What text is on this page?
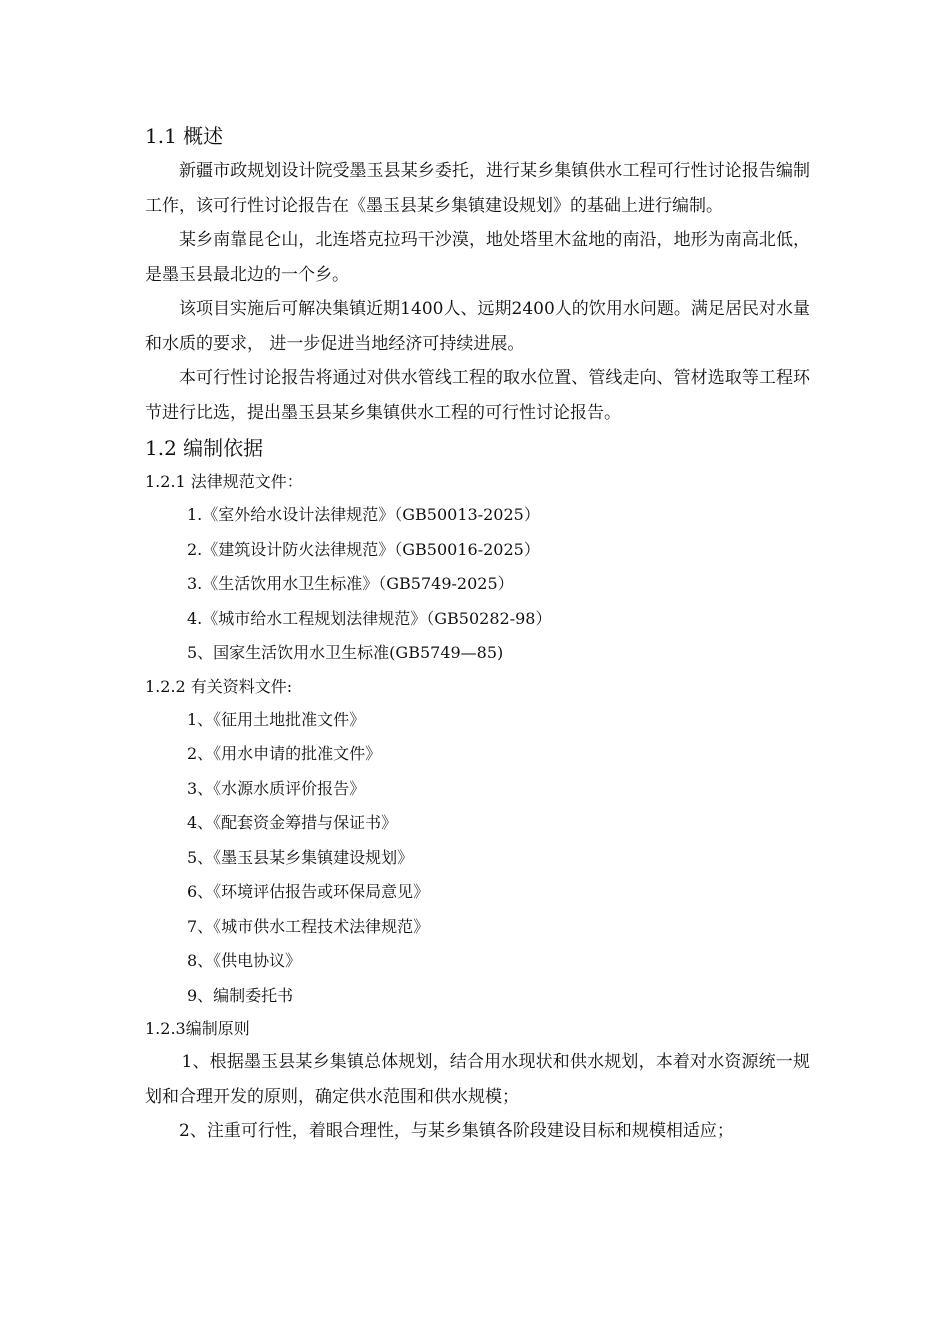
1.1 概述

新疆市政规划设计院受墨玉县某乡委托，进行某乡集镇供水工程可行性讨论报告编制工作，该可行性讨论报告在《墨玉县某乡集镇建设规划》的基础上进行编制。

某乡南靠昆仑山，北连塔克拉玛干沙漠，地处塔里木盆地的南沿，地形为南高北低，是墨玉县最北边的一个乡。

该项目实施后可解决集镇近期1400人、远期2400人的饮用水问题。满足居民对水量和水质的要求， 进一步促进当地经济可持续进展。

本可行性讨论报告将通过对供水管线工程的取水位置、管线走向、管材选取等工程环节进行比选，提出墨玉县某乡集镇供水工程的可行性讨论报告。

1.2 编制依据
1.2.1 法律规范文件：
1.《室外给水设计法律规范》（GB50013-2025）
2.《建筑设计防火法律规范》（GB50016-2025）
3.《生活饮用水卫生标准》（GB5749-2025）
4.《城市给水工程规划法律规范》（GB50282-98）
5、国家生活饮用水卫生标准(GB5749—85)
1.2.2 有关资料文件:
1、《征用土地批准文件》
2、《用水申请的批准文件》
3、《水源水质评价报告》
4、《配套资金筹措与保证书》
5、《墨玉县某乡集镇建设规划》
6、《环境评估报告或环保局意见》
7、《城市供水工程技术法律规范》
8、《供电协议》
9、编制委托书
1.2.3编制原则

1、根据墨玉县某乡集镇总体规划，结合用水现状和供水规划，本着对水资源统一规划和合理开发的原则，确定供水范围和供水规模；

2、注重可行性，着眼合理性，与某乡集镇各阶段建设目标和规模相适应；
